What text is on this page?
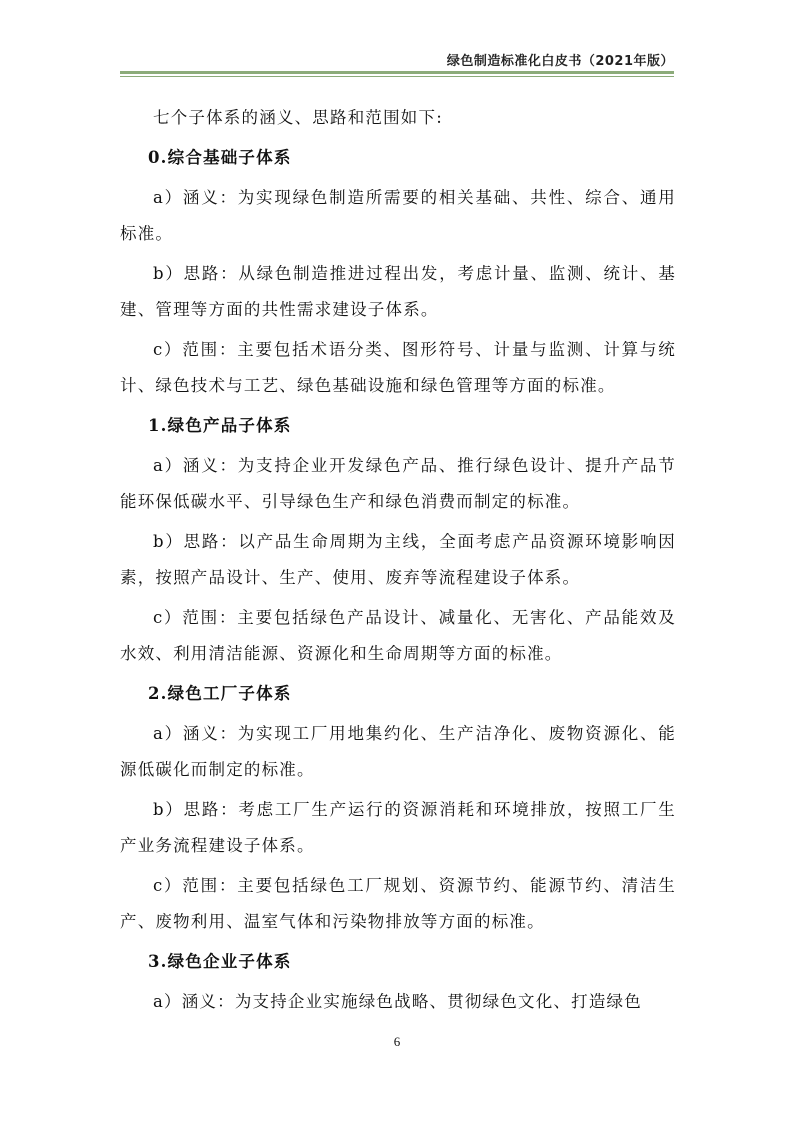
绿色制造标准化白皮书（2021年版）

七个子体系的涵义、思路和范围如下:

0.综合基础子体系

a）涵义：为实现绿色制造所需要的相关基础、共性、综合、通用标准。

b）思路：从绿色制造推进过程出发，考虑计量、监测、统计、基建、管理等方面的共性需求建设子体系。

c）范围：主要包括术语分类、图形符号、计量与监测、计算与统计、绿色技术与工艺、绿色基础设施和绿色管理等方面的标准。

1.绿色产品子体系

a）涵义：为支持企业开发绿色产品、推行绿色设计、提升产品节能环保低碳水平、引导绿色生产和绿色消费而制定的标准。

b）思路：以产品生命周期为主线，全面考虑产品资源环境影响因素，按照产品设计、生产、使用、废弃等流程建设子体系。

c）范围：主要包括绿色产品设计、减量化、无害化、产品能效及水效、利用清洁能源、资源化和生命周期等方面的标准。

2.绿色工厂子体系

a）涵义：为实现工厂用地集约化、生产洁净化、废物资源化、能源低碳化而制定的标准。

b）思路：考虑工厂生产运行的资源消耗和环境排放，按照工厂生产业务流程建设子体系。

c）范围：主要包括绿色工厂规划、资源节约、能源节约、清洁生产、废物利用、温室气体和污染物排放等方面的标准。

3.绿色企业子体系

a）涵义：为支持企业实施绿色战略、贯彻绿色文化、打造绿色

6
